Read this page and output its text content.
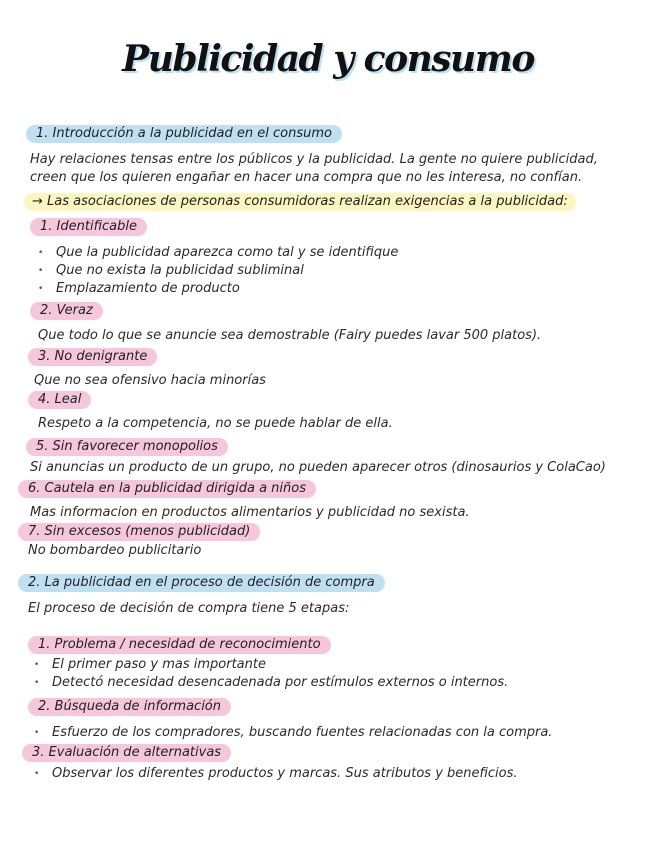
Publicidad y consumo
1. Introducción a la publicidad en el consumo
Hay relaciones tensas entre los públicos y la publicidad. La gente no quiere publicidad,
creen que los quieren engañar en hacer una compra que no les interesa, no confían.
→ Las asociaciones de personas consumidoras realizan exigencias a la publicidad:
1. Identificable
• Que la publicidad aparezca como tal y se identifique
• Que no exista la publicidad subliminal
• Emplazamiento de producto
2. Veraz
Que todo lo que se anuncie sea demostrable (Fairy puedes lavar 500 platos).
3. No denigrante
Que no sea ofensivo hacia minorías
4. Leal
Respeto a la competencia, no se puede hablar de ella.
5. Sin favorecer monopolios
Si anuncias un producto de un grupo, no pueden aparecer otros (dinosaurios y ColaCao)
6. Cautela en la publicidad dirigida a niños
Mas informacion en productos alimentarios y publicidad no sexista.
7. Sin excesos (menos publicidad)
No bombardeo publicitario
2. La publicidad en el proceso de decisión de compra
El proceso de decisión de compra tiene 5 etapas:
1. Problema / necesidad de reconocimiento
• El primer paso y mas importante
• Detectó necesidad desencadenada por estímulos externos o internos.
2. Búsqueda de información
• Esfuerzo de los compradores, buscando fuentes relacionadas con la compra.
3. Evaluación de alternativas
• Observar los diferentes productos y marcas. Sus atributos y beneficios.
